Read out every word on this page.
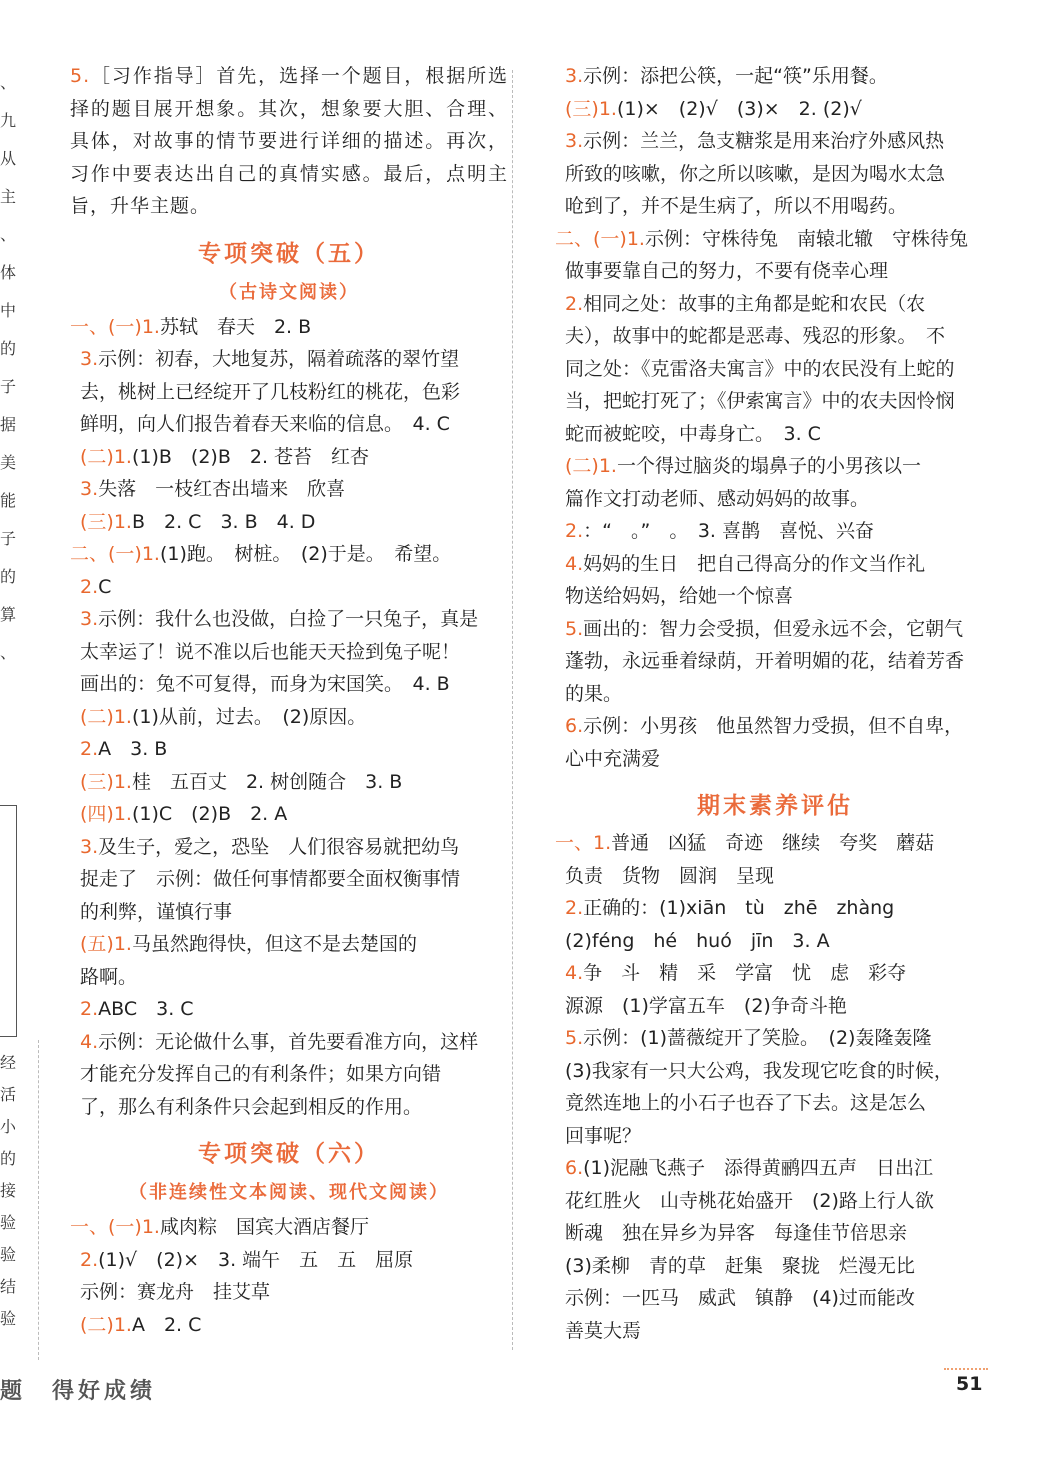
、
九
从
主
、
体
中
的
子
据
美
能
子
的
算
、
经
活
小
的
接
验
验
结
验
5.［习作指导］首先，选择一个题目，根据所选择的题目展开想象。其次，想象要大胆、合理、具体，对故事的情节要进行详细的描述。再次，习作中要表达出自己的真情实感。最后，点明主旨，升华主题。
专项突破（五）
（古诗文阅读）
一、(一)1.苏轼　春天　2. B
3.示例：初春，大地复苏，隔着疏落的翠竹望
去，桃树上已经绽开了几枝粉红的桃花，色彩
鲜明，向人们报告着春天来临的信息。　4. C
(二)1.(1)B　(2)B　2. 苍苔　红杏
3.失落　一枝红杏出墙来　欣喜
(三)1.B　2. C　3. B　4. D
二、(一)1.(1)跑。　树桩。　(2)于是。　希望。
2.C
3.示例：我什么也没做，白捡了一只兔子，真是
太幸运了！说不准以后也能天天捡到兔子呢！
画出的：兔不可复得，而身为宋国笑。　4. B
(二)1.(1)从前，过去。　(2)原因。
2.A　3. B
(三)1.桂　五百丈　2. 树创随合　3. B
(四)1.(1)C　(2)B　2. A
3.及生子，爱之，恐坠　人们很容易就把幼鸟
捉走了　示例：做任何事情都要全面权衡事情
的利弊，谨慎行事
(五)1.马虽然跑得快，但这不是去楚国的
路啊。
2.ABC　3. C
4.示例：无论做什么事，首先要看准方向，这样
才能充分发挥自己的有利条件；如果方向错
了，那么有利条件只会起到相反的作用。
专项突破（六）
（非连续性文本阅读、现代文阅读）
一、(一)1.咸肉粽　国宾大酒店餐厅
2.(1)√　(2)×　3. 端午　五　五　屈原
示例：赛龙舟　挂艾草
(二)1.A　2. C
3.示例：添把公筷，一起“筷”乐用餐。
(三)1.(1)×　(2)√　(3)×　2. (2)√
3.示例：兰兰，急支糖浆是用来治疗外感风热
所致的咳嗽，你之所以咳嗽，是因为喝水太急
呛到了，并不是生病了，所以不用喝药。
二、(一)1.示例：守株待兔　南辕北辙　守株待兔
做事要靠自己的努力，不要有侥幸心理
2.相同之处：故事的主角都是蛇和农民（农
夫），故事中的蛇都是恶毒、残忍的形象。　不
同之处：《克雷洛夫寓言》中的农民没有上蛇的
当，把蛇打死了；《伊索寓言》中的农夫因怜悯
蛇而被蛇咬，中毒身亡。　3. C
(二)1.一个得过脑炎的塌鼻子的小男孩以一
篇作文打动老师、感动妈妈的故事。
2.：“　。”　。　3. 喜鹊　喜悦、兴奋
4.妈妈的生日　把自己得高分的作文当作礼
物送给妈妈，给她一个惊喜
5.画出的：智力会受损，但爱永远不会，它朝气
蓬勃，永远垂着绿荫，开着明媚的花，结着芳香
的果。
6.示例：小男孩　他虽然智力受损，但不自卑，
心中充满爱
期末素养评估
一、1.普通　凶猛　奇迹　继续　夸奖　蘑菇
负责　货物　圆润　呈现
2.正确的：(1)xiān　tù　zhē　zhàng
(2)féng　hé　huó　jīn　3. A
4.争　斗　精　采　学富　忧　虑　彩夺
源源　(1)学富五车　(2)争奇斗艳
5.示例：(1)蔷薇绽开了笑脸。　(2)轰隆轰隆
(3)我家有一只大公鸡，我发现它吃食的时候，
竟然连地上的小石子也吞了下去。这是怎么
回事呢？
6.(1)泥融飞燕子　添得黄鹂四五声　日出江
花红胜火　山寺桃花始盛开　(2)路上行人欲
断魂　独在异乡为异客　每逢佳节倍思亲
(3)柔柳　青的草　赶集　聚拢　烂漫无比
示例：一匹马　威武　镇静　(4)过而能改
善莫大焉
题　得好成绩	51
